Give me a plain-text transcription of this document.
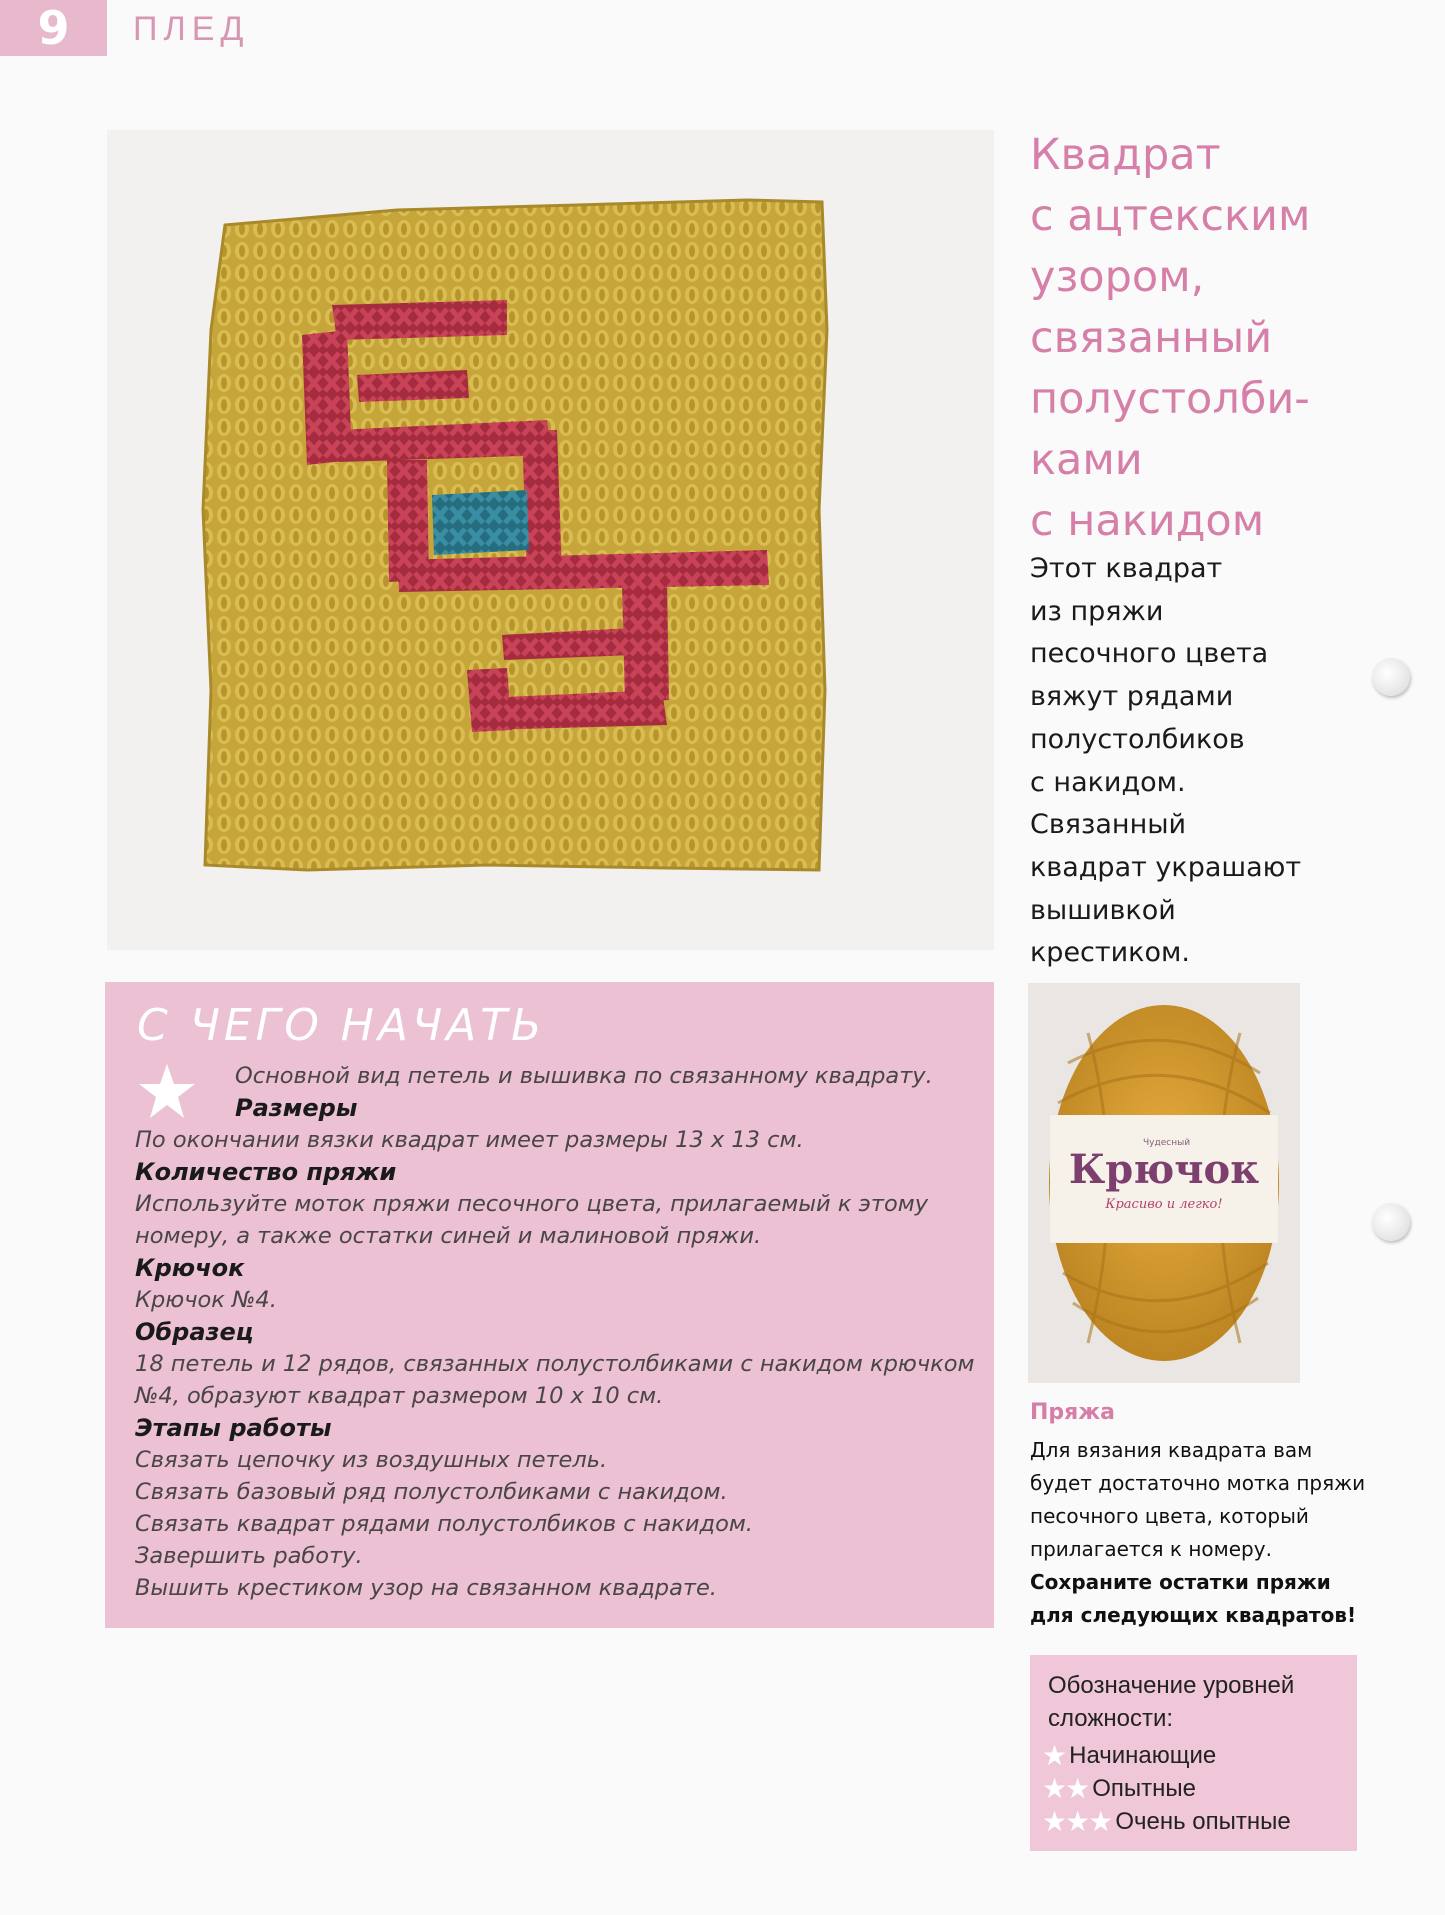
9	ПЛЕД
Квадрат
с ацтекским
узором,
связанный
полустолби-
ками
с накидом
Этот квадрат
из пряжи
песочного цвета
вяжут рядами
полустолбиков
с накидом.
Связанный
квадрат украшают
вышивкой
крестиком.
Чудесный
Крючок
Красиво и легко!
Пряжа
Для вязания квадрата вам
будет достаточно мотка пряжи
песочного цвета, который
прилагается к номеру.
Сохраните остатки пряжи
для следующих квадратов!
Обозначение уровней
сложности:
★ Начинающие
★★ Опытные
★★★ Очень опытные
С ЧЕГО НАЧАТЬ
Основной вид петель и вышивка по связанному квадрату.
Размеры
По окончании вязки квадрат имеет размеры 13 х 13 см.
Количество пряжи
Используйте моток пряжи песочного цвета, прилагаемый к этому
номеру, а также остатки синей и малиновой пряжи.
Крючок
Крючок №4.
Образец
18 петель и 12 рядов, связанных полустолбиками с накидом крючком
№4, образуют квадрат размером 10 х 10 см.
Этапы работы
Связать цепочку из воздушных петель.
Связать базовый ряд полустолбиками с накидом.
Связать квадрат рядами полустолбиков с накидом.
Завершить работу.
Вышить крестиком узор на связанном квадрате.
